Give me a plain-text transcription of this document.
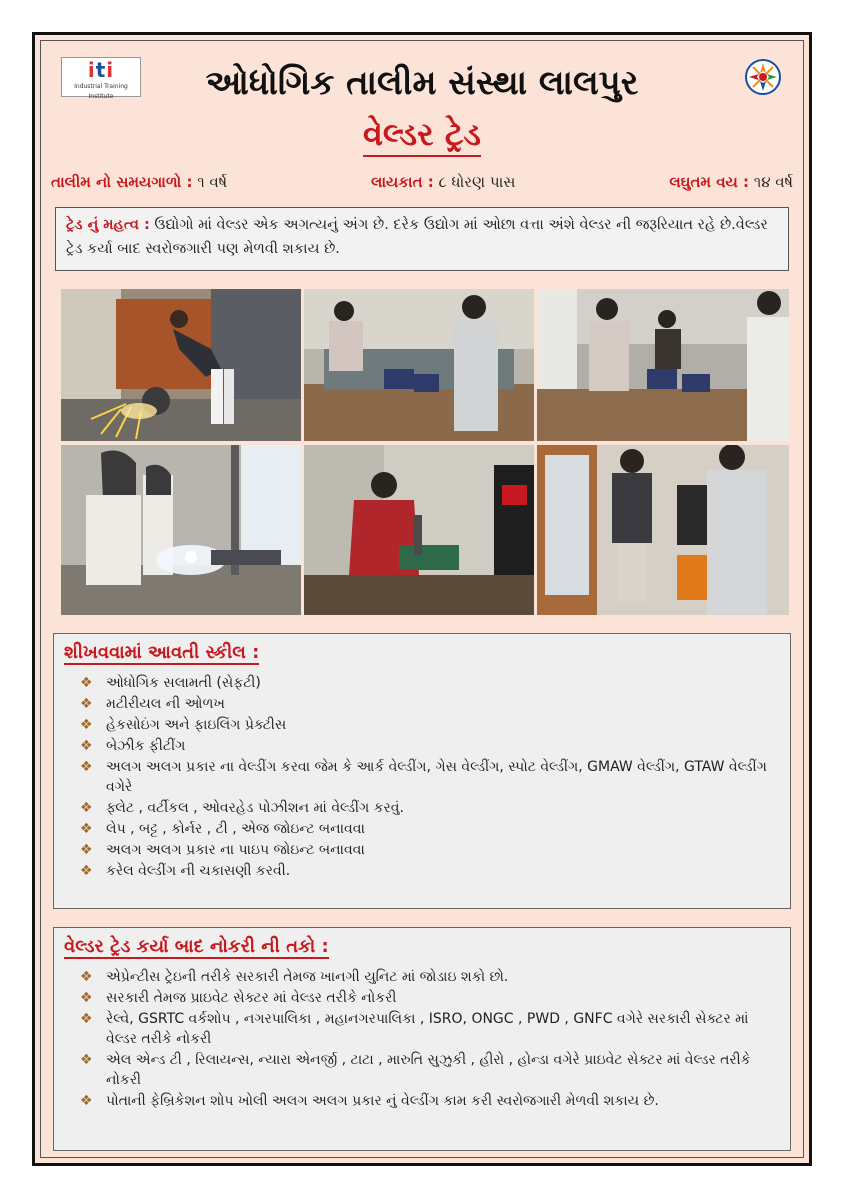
iti
Industrial Training Institute	ઓધોગિક તાલીમ સંસ્થા લાલપુર
વેલ્ડર ટ્રેડ
તાલીમ નો સમયગાળો : ૧ વર્ષ	લાયકાત : ૮ ધોરણ પાસ	લઘુતમ વય : ૧૪ વર્ષ
ટ્રેડ નું મહત્વ : ઉદ્યોગો માં વેલ્ડર એક અગત્યનું અંગ છે. દરેક ઉદ્યોગ માં ઓછા વત્તા અંશે વેલ્ડર ની જરૂરિયાત રહે છે.વેલ્ડર ટ્રેડ કર્યા બાદ સ્વરોજગારી પણ મેળવી શકાય છે.
શીખવવામાં આવતી સ્કીલ :
❖ ઓધોગિક સલામતી (સેફટી)
❖ મટીરીયલ ની ઓળખ
❖ હેકસોઇંગ અને ફાઇલિંગ પ્રેક્ટીસ
❖ બેઝીક ફીટીંગ
❖ અલગ અલગ પ્રકાર ના વેલ્ડીંગ કરવા જેમ કે આર્ક વેલ્ડીંગ, ગેસ વેલ્ડીંગ, સ્પોટ વેલ્ડીંગ, GMAW વેલ્ડીંગ, GTAW વેલ્ડીંગ વગેરે
❖ ફ્લેટ , વર્ટીકલ , ઓવરહેડ પોઝીશન માં વેલ્ડીંગ કરવું.
❖ લેપ , બટ્ટ , કોર્નર , ટી , એજ જોઇન્ટ બનાવવા
❖ અલગ અલગ પ્રકાર ના પાઇપ જોઇન્ટ બનાવવા
❖ કરેલ વેલ્ડીંગ ની ચકાસણી કરવી.
વેલ્ડર ટ્રેડ કર્યા બાદ નોકરી ની તકો :
❖ એપ્રેન્ટીસ ટ્રેઇની તરીકે સરકારી તેમજ ખાનગી યુનિટ માં જોડાઇ શકો છો.
❖ સરકારી તેમજ પ્રાઇવેટ સેક્ટર માં વેલ્ડર તરીકે નોકરી
❖ રેલ્વે, GSRTC વર્કશોપ , નગરપાલિકા , મહાનગરપાલિકા , ISRO, ONGC , PWD , GNFC વગેરે સરકારી સેક્ટર માં વેલ્ડર તરીકે નોકરી
❖ એલ એન્ડ ટી , રિલાયન્સ, ન્યારા એનર્જી , ટાટા , મારુતિ સુઝુકી , હીરો , હોન્ડા વગેરે પ્રાઇવેટ સેક્ટર માં વેલ્ડર તરીકે નોકરી
❖ પોતાની ફેબ્રિકેશન શોપ ખોલી અલગ અલગ પ્રકાર નું વેલ્ડીંગ કામ કરી સ્વરોજગારી મેળવી શકાય છે.
